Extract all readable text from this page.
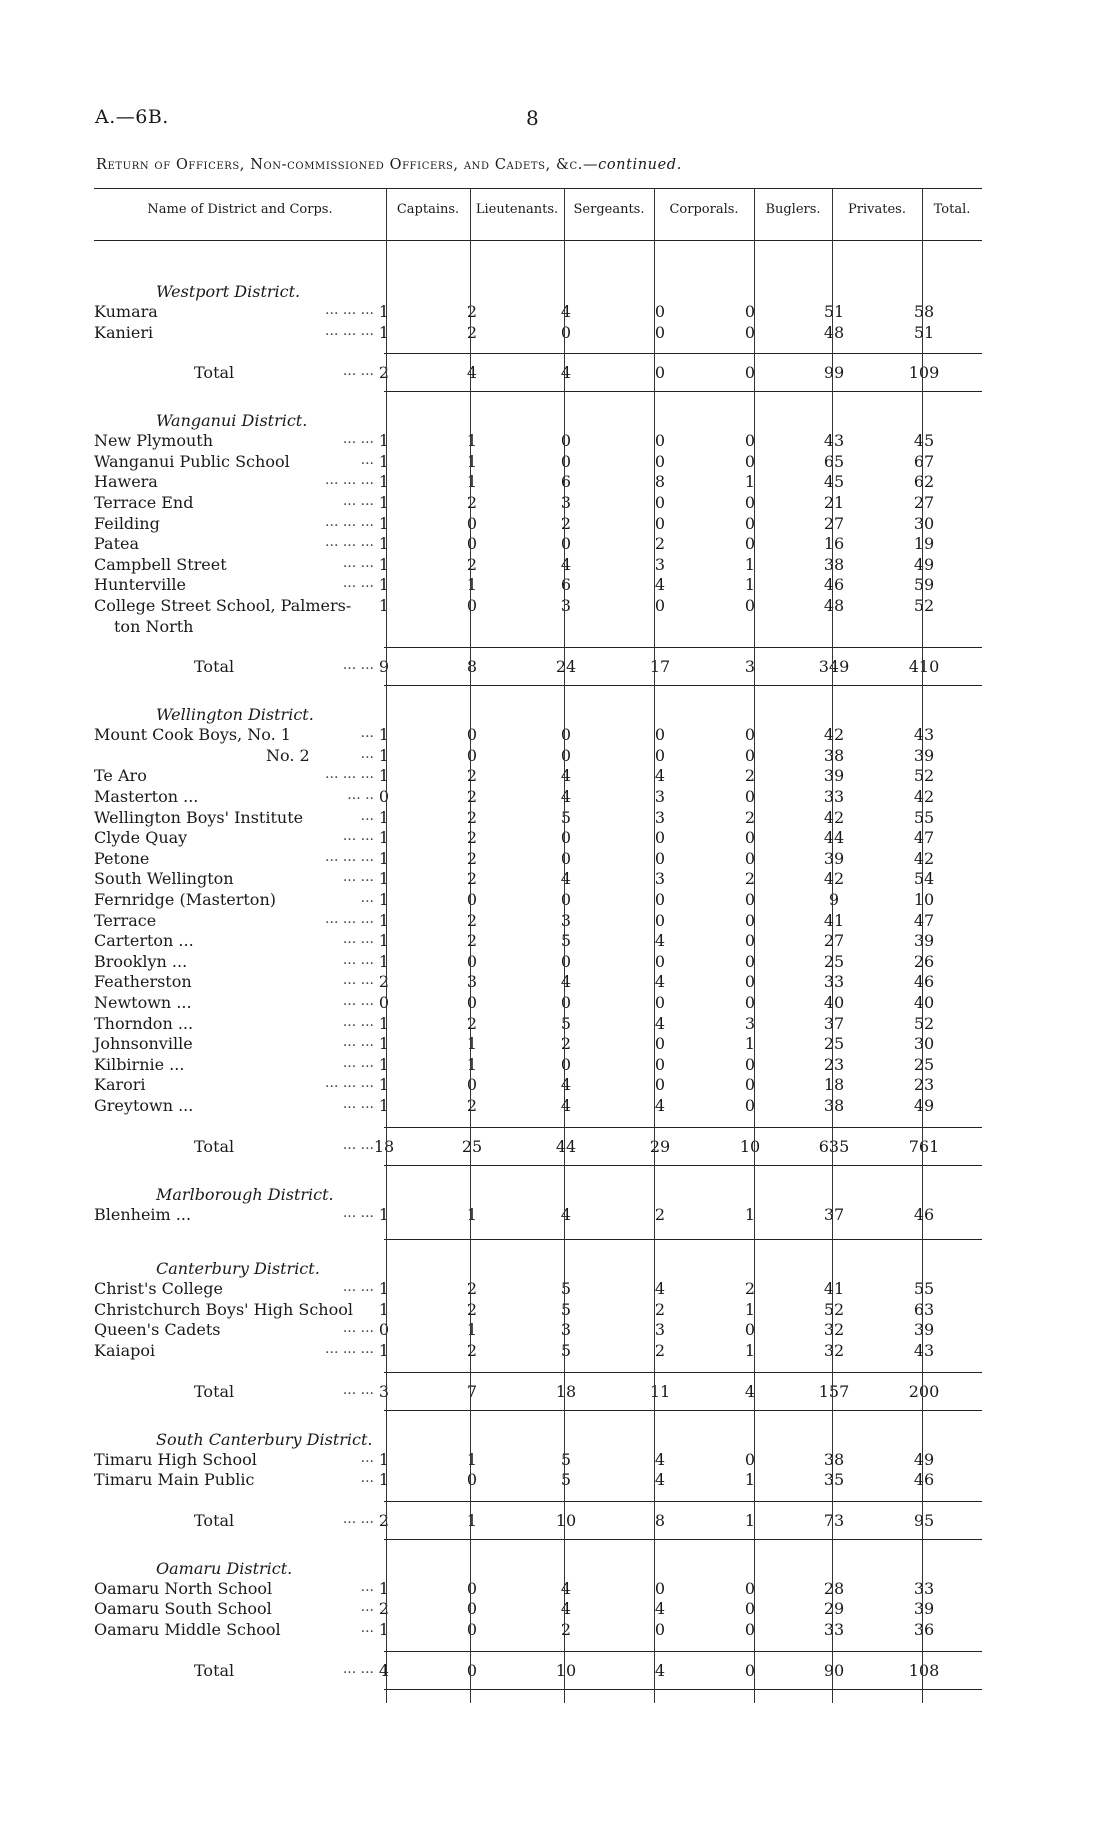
A.—6B.	8
Return of Officers, Non-commissioned Officers, and Cadets, &c.—continued.
Name of District and Corps.	Captains.	Lieutenants.	Sergeants.	Corporals.	Buglers.	Privates.	Total.
Westport District.
Kumara	... ... ... 1	2	4	0	0	51	58
Kanieri	... ... ... 1	2	0	0	0	48	51
Total	... ... 2	4	4	0	0	99	109
Wanganui District.
New Plymouth	... ... 1	1	0	0	0	43	45
Wanganui Public School	... 1	1	0	0	0	65	67
Hawera	... ... ... 1	1	6	8	1	45	62
Terrace End	... ... 1	2	3	0	0	21	27
Feilding	... ... ... 1	0	2	0	0	27	30
Patea	... ... ... 1	0	0	2	0	16	19
Campbell Street	... ... 1	2	4	3	1	38	49
Hunterville	... ... 1	1	6	4	1	46	59
College Street School, Palmers-	1	0	3	0	0	48	52
ton North
Total	... ... 9	8	24	17	3	349	410
Wellington District.
Mount Cook Boys, No. 1	... 1	0	0	0	0	42	43
No. 2	... 1	0	0	0	0	38	39
Te Aro	... ... ... 1	2	4	4	2	39	52
Masterton ...	... .. 0	2	4	3	0	33	42
Wellington Boys' Institute	... 1	2	5	3	2	42	55
Clyde Quay	... ... 1	2	0	0	0	44	47
Petone	... ... ... 1	2	0	0	0	39	42
South Wellington	... ... 1	2	4	3	2	42	54
Fernridge (Masterton)	... 1	0	0	0	0	9	10
Terrace	... ... ... 1	2	3	0	0	41	47
Carterton ...	... ... 1	2	5	4	0	27	39
Brooklyn ...	... ... 1	0	0	0	0	25	26
Featherston	... ... 2	3	4	4	0	33	46
Newtown ...	... ... 0	0	0	0	0	40	40
Thorndon ...	... ... 1	2	5	4	3	37	52
Johnsonville	... ... 1	1	2	0	1	25	30
Kilbirnie ...	... ... 1	1	0	0	0	23	25
Karori	... ... ... 1	0	4	0	0	18	23
Greytown ...	... ... 1	2	4	4	0	38	49
Total	... ... 18	25	44	29	10	635	761
Marlborough District.
Blenheim ...	... ... 1	1	4	2	1	37	46
Canterbury District.
Christ's College	... ... 1	2	5	4	2	41	55
Christchurch Boys' High School	1	2	5	2	1	52	63
Queen's Cadets	... ... 0	1	3	3	0	32	39
Kaiapoi	... ... ... 1	2	5	2	1	32	43
Total	... ... 3	7	18	11	4	157	200
South Canterbury District.
Timaru High School	... 1	1	5	4	0	38	49
Timaru Main Public	... 1	0	5	4	1	35	46
Total	... ... 2	1	10	8	1	73	95
Oamaru District.
Oamaru North School	... 1	0	4	0	0	28	33
Oamaru South School	... 2	0	4	4	0	29	39
Oamaru Middle School	... 1	0	2	0	0	33	36
Total	... ... 4	0	10	4	0	90	108
